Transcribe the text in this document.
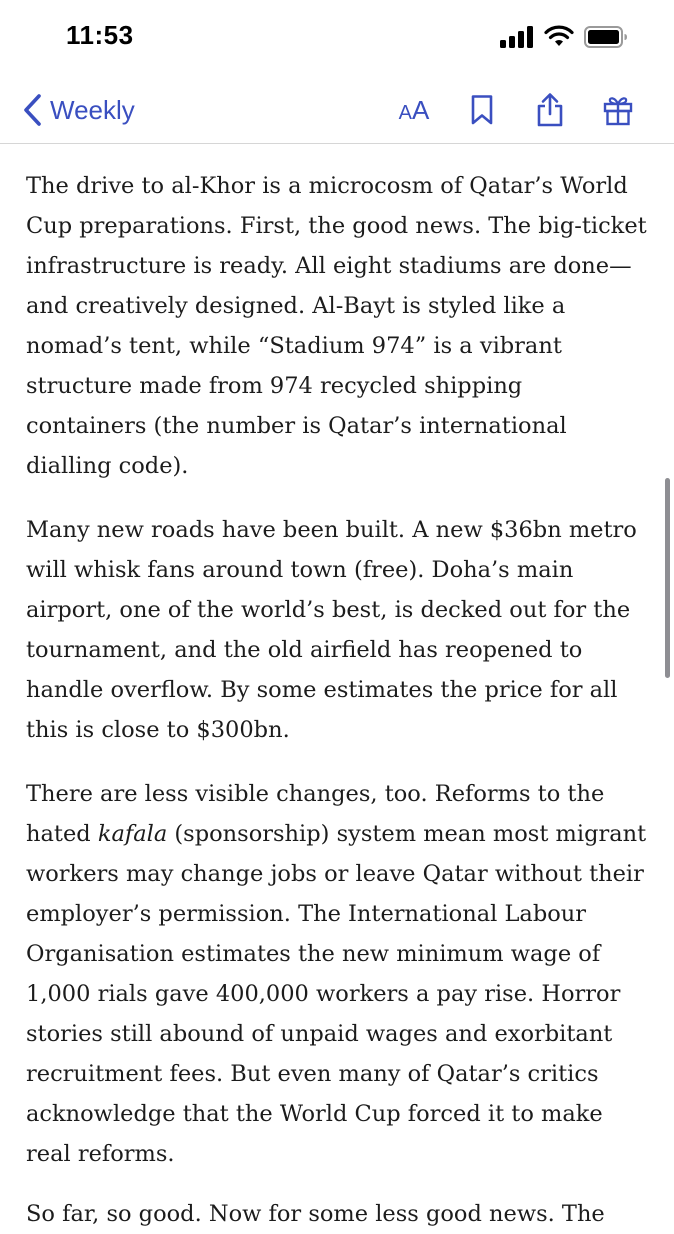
11:53
Weekly	A A

The drive to al-Khor is a microcosm of Qatar’s World Cup preparations. First, the good news. The big-ticket infrastructure is ready. All eight stadiums are done—and creatively designed. Al-Bayt is styled like a nomad’s tent, while “Stadium 974” is a vibrant structure made from 974 recycled shipping containers (the number is Qatar’s international dialling code).

Many new roads have been built. A new $36bn metro will whisk fans around town (free). Doha’s main airport, one of the world’s best, is decked out for the tournament, and the old airfield has reopened to handle overflow. By some estimates the price for all this is close to $300bn.

There are less visible changes, too. Reforms to the hated kafala (sponsorship) system mean most migrant workers may change jobs or leave Qatar without their employer’s permission. The International Labour Organisation estimates the new minimum wage of 1,000 rials gave 400,000 workers a pay rise. Horror stories still abound of unpaid wages and exorbitant recruitment fees. But even many of Qatar’s critics acknowledge that the World Cup forced it to make real reforms.

So far, so good. Now for some less good news. The
